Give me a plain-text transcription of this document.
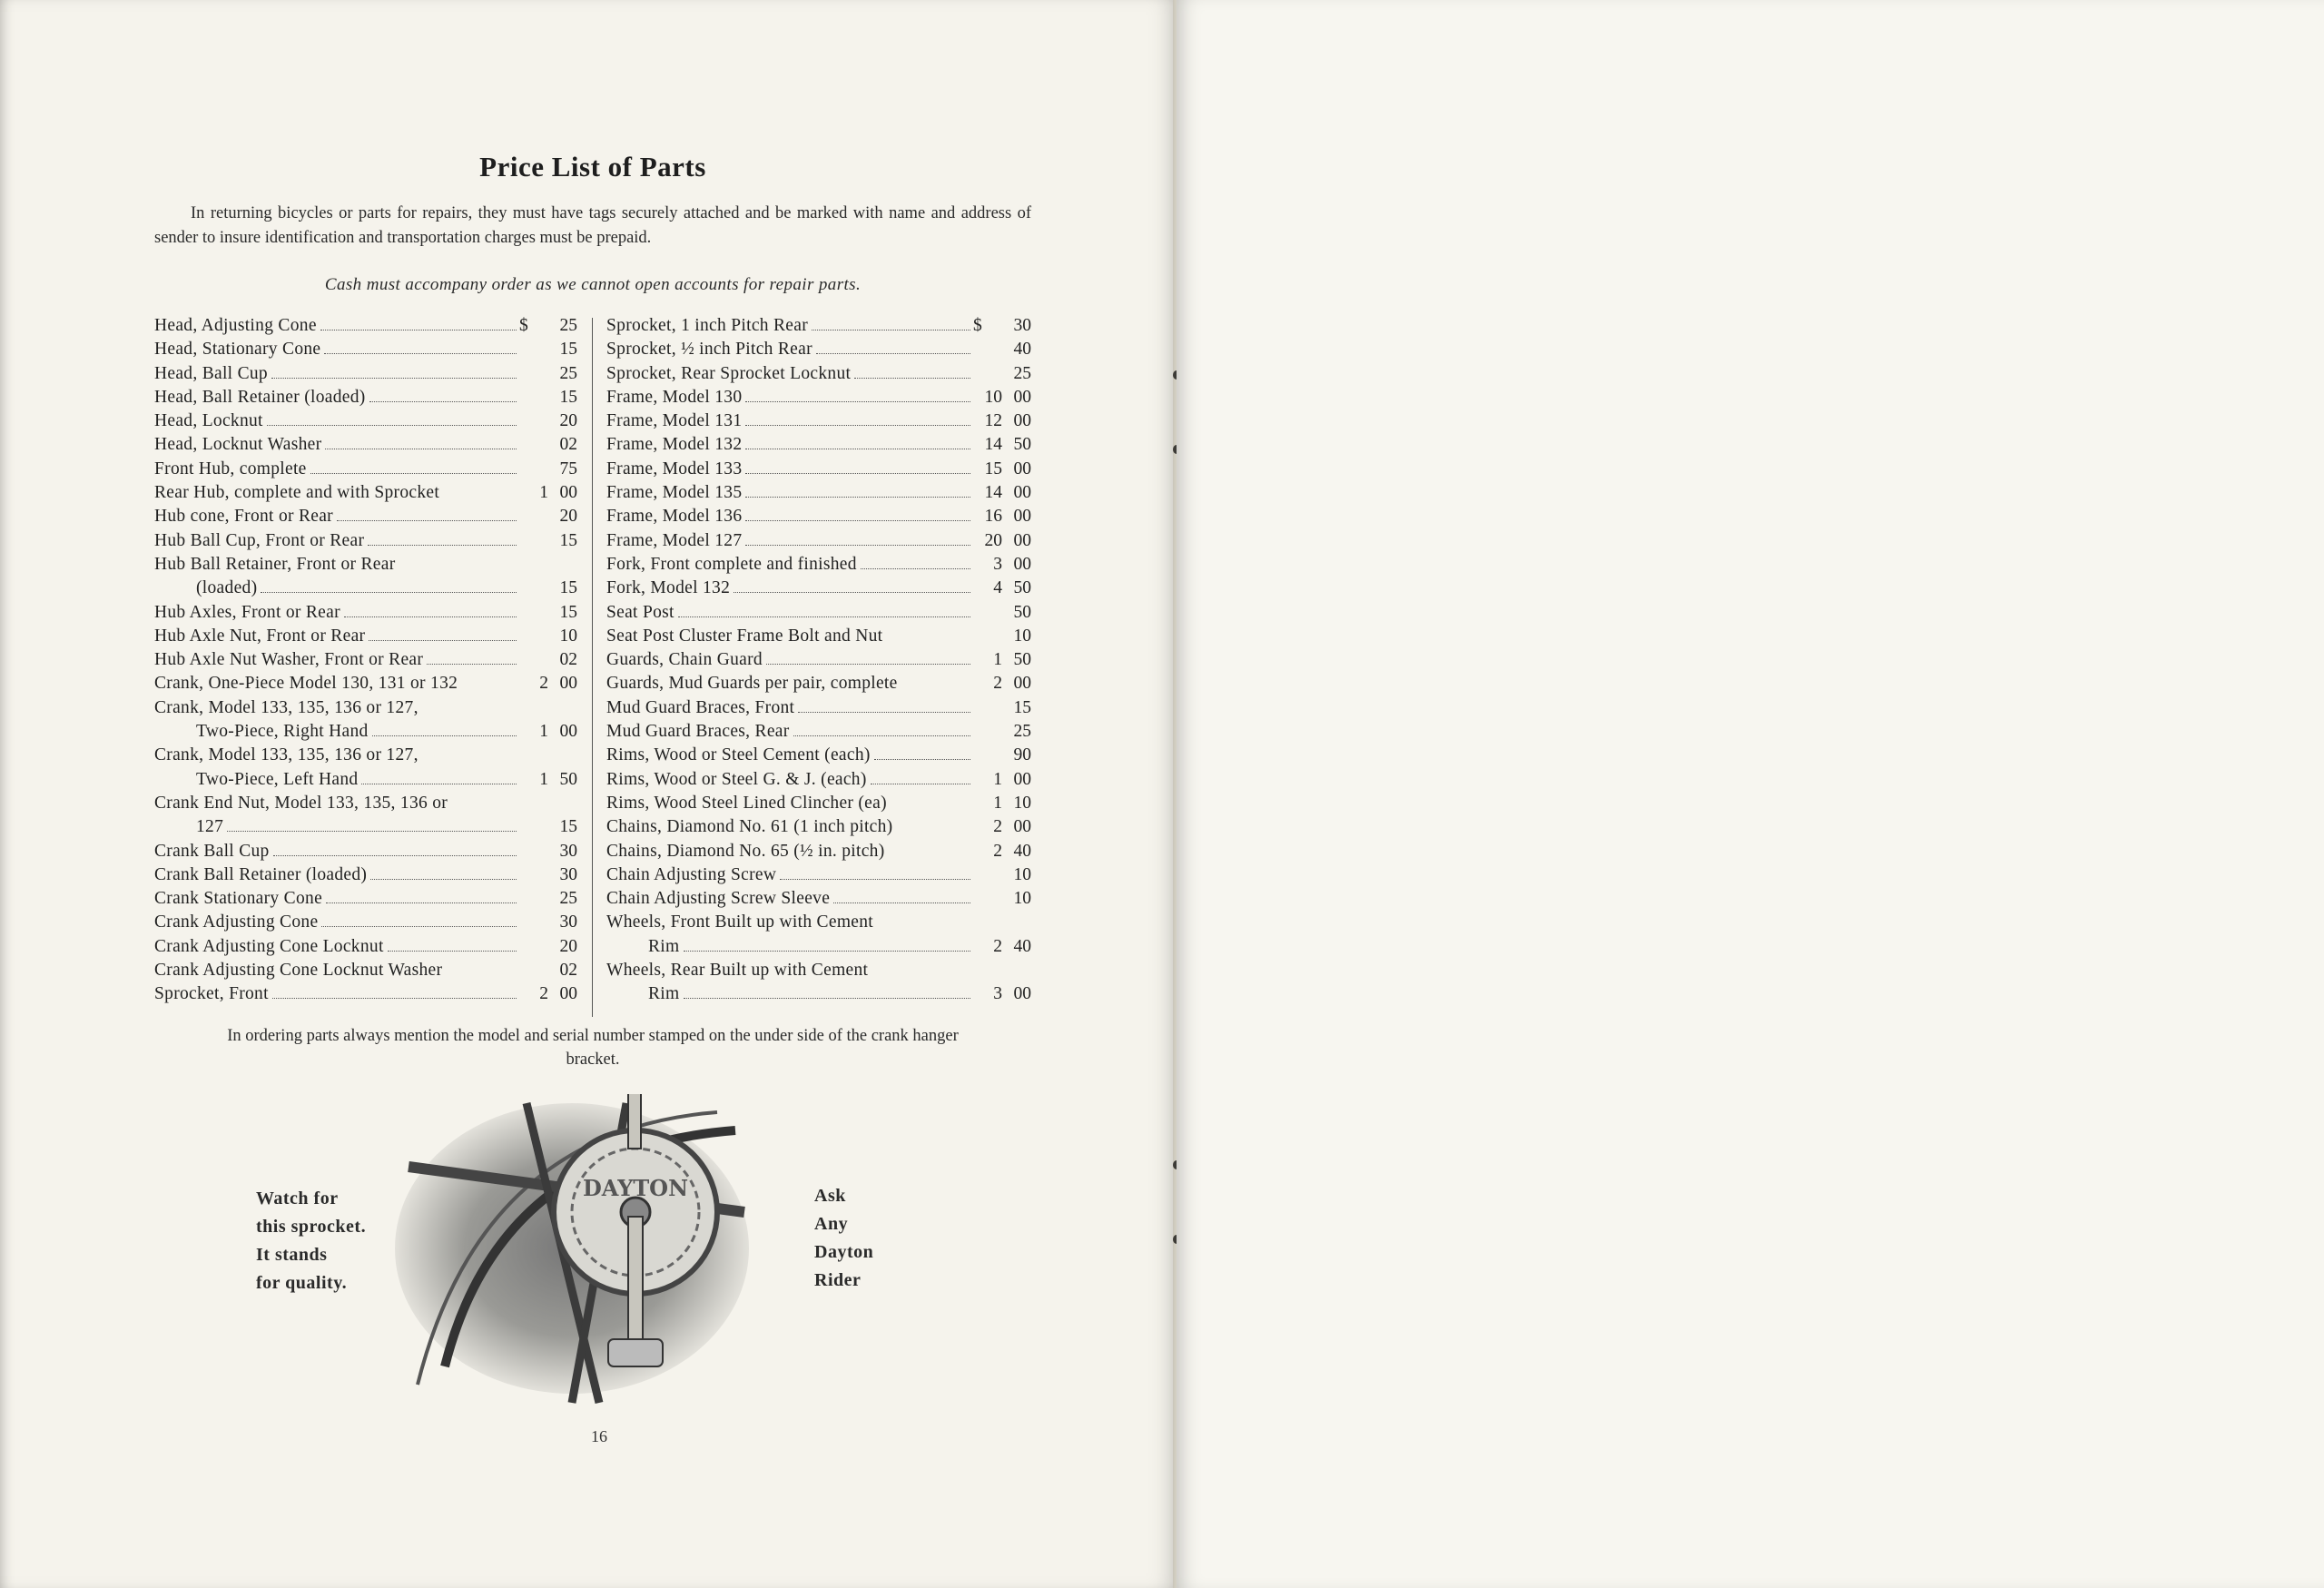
Price List of Parts
In returning bicycles or parts for repairs, they must have tags securely attached and be marked with name and address of sender to insure identification and transportation charges must be prepaid.
Cash must accompany order as we cannot open accounts for repair parts.
Head, Adjusting Cone	$	25
Head, Stationary Cone	15
Head, Ball Cup	25
Head, Ball Retainer (loaded)	15
Head, Locknut	20
Head, Locknut Washer	02
Front Hub, complete	75
Rear Hub, complete and with Sprocket	1 00
Hub cone, Front or Rear	20
Hub Ball Cup, Front or Rear	15
Hub Ball Retainer, Front or Rear
(loaded)	15
Hub Axles, Front or Rear	15
Hub Axle Nut, Front or Rear	10
Hub Axle Nut Washer, Front or Rear	02
Crank, One-Piece Model 130, 131 or 132	2 00
Crank, Model 133, 135, 136 or 127,
Two-Piece, Right Hand	1 00
Crank, Model 133, 135, 136 or 127,
Two-Piece, Left Hand	1 50
Crank End Nut, Model 133, 135, 136 or
127	15
Crank Ball Cup	30
Crank Ball Retainer (loaded)	30
Crank Stationary Cone	25
Crank Adjusting Cone	30
Crank Adjusting Cone Locknut	20
Crank Adjusting Cone Locknut Washer	02
Sprocket, Front	2 00
Sprocket, 1 inch Pitch Rear	$	30
Sprocket, ½ inch Pitch Rear	40
Sprocket, Rear Sprocket Locknut	25
Frame, Model 130	10 00
Frame, Model 131	12 00
Frame, Model 132	14 50
Frame, Model 133	15 00
Frame, Model 135	14 00
Frame, Model 136	16 00
Frame, Model 127	20 00
Fork, Front complete and finished	3 00
Fork, Model 132	4 50
Seat Post	50
Seat Post Cluster Frame Bolt and Nut	10
Guards, Chain Guard	1 50
Guards, Mud Guards per pair, complete	2 00
Mud Guard Braces, Front	15
Mud Guard Braces, Rear	25
Rims, Wood or Steel Cement (each)	90
Rims, Wood or Steel G. & J. (each)	1 00
Rims, Wood Steel Lined Clincher (ea)	1 10
Chains, Diamond No. 61 (1 inch pitch)	2 00
Chains, Diamond No. 65 (½ in. pitch)	2 40
Chain Adjusting Screw	10
Chain Adjusting Screw Sleeve	10
Wheels, Front Built up with Cement
Rim	2 40
Wheels, Rear Built up with Cement
Rim	3 00
In ordering parts always mention the model and serial number stamped on the under side of the crank hanger bracket.
Watch for
this sprocket.
It stands
for quality.
DAYTON	Ask
Any
Dayton
Rider
16
